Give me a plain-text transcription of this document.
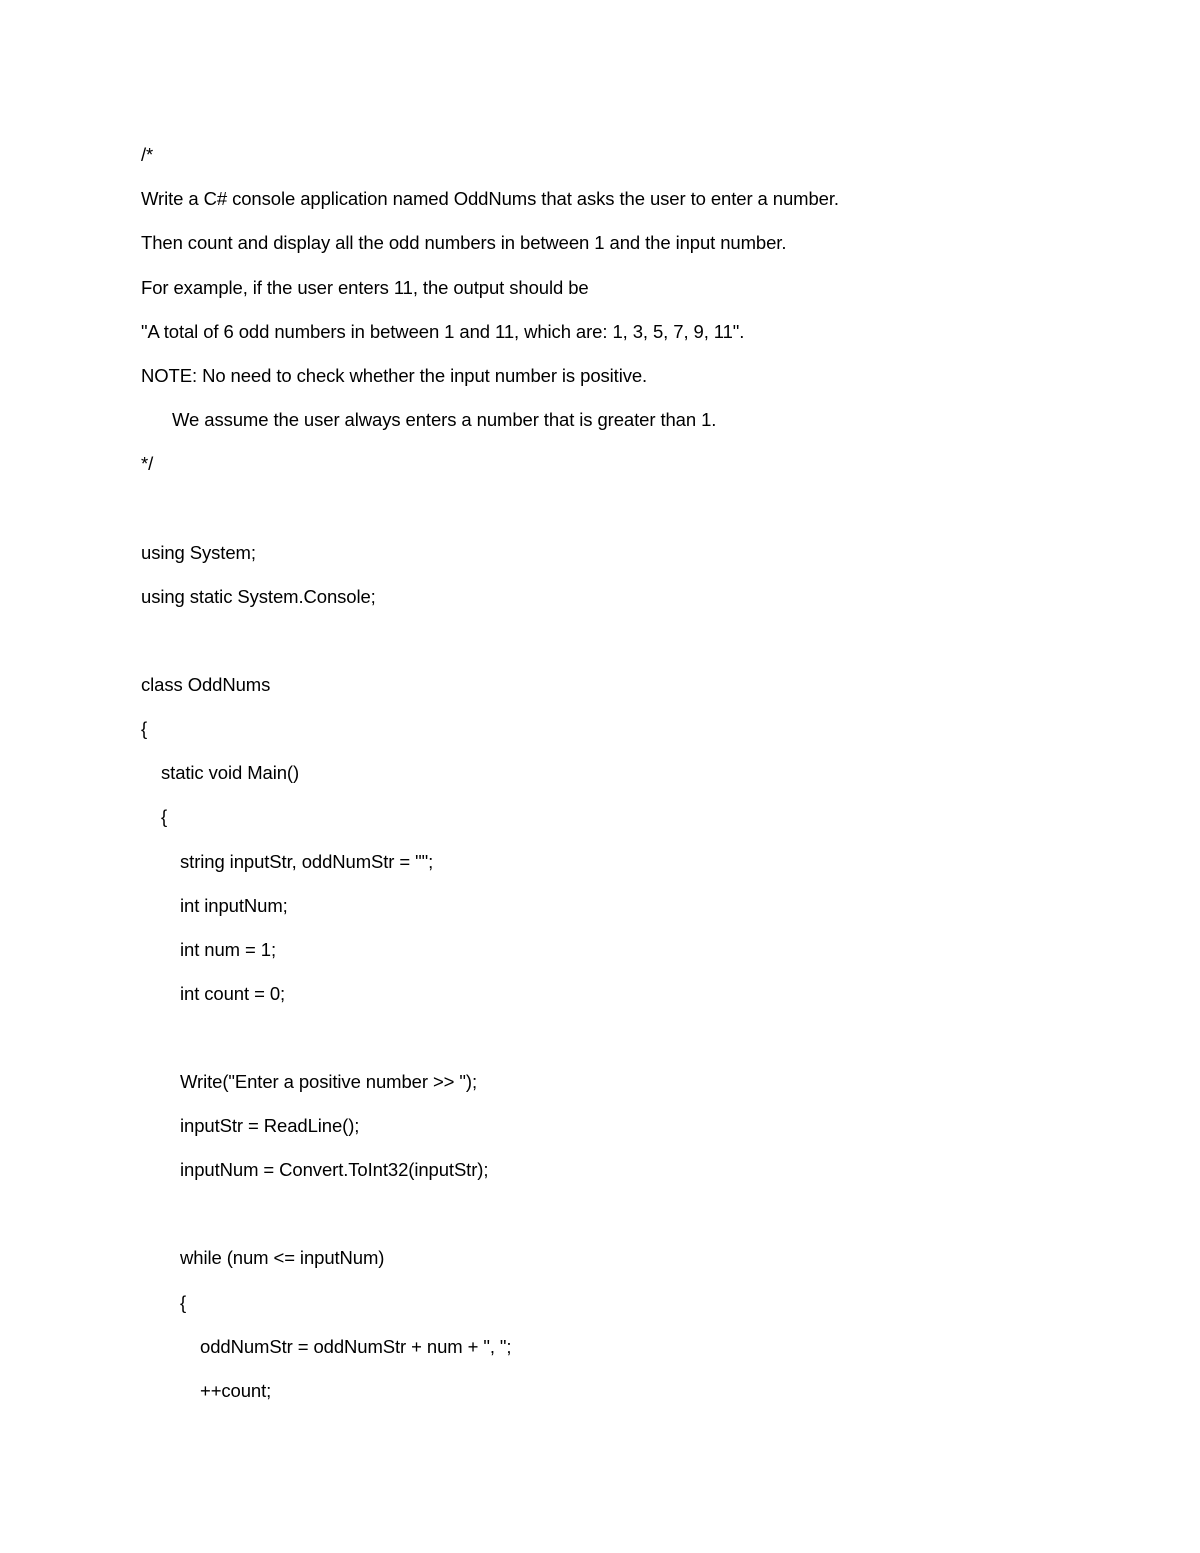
/*
Write a C# console application named OddNums that asks the user to enter a number.
Then count and display all the odd numbers in between 1 and the input number.
For example, if the user enters 11, the output should be
"A total of 6 odd numbers in between 1 and 11, which are: 1, 3, 5, 7, 9, 11".
NOTE: No need to check whether the input number is positive.
We assume the user always enters a number that is greater than 1.
*/
using System;
using static System.Console;
class OddNums
{
static void Main()
{
string inputStr, oddNumStr = "";
int inputNum;
int num = 1;
int count = 0;
Write("Enter a positive number >> ");
inputStr = ReadLine();
inputNum = Convert.ToInt32(inputStr);
while (num <= inputNum)
{
oddNumStr = oddNumStr + num + ", ";
++count;
